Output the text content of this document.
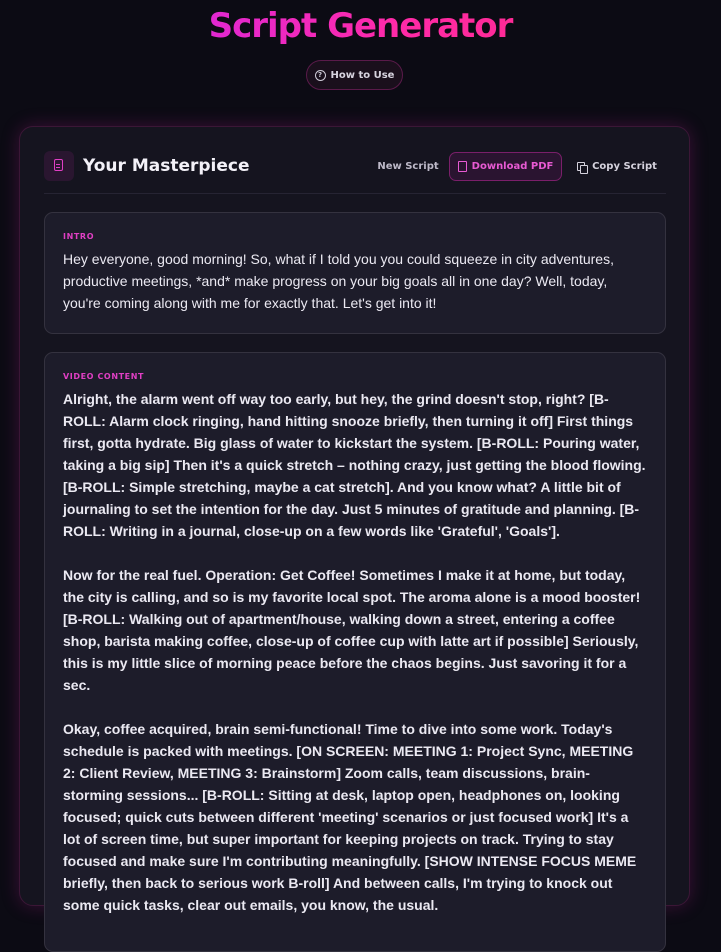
Script Generator
? How to Use
Your Masterpiece	New Script	Download PDF	Copy Script
INTRO
Hey everyone, good morning! So, what if I told you you could squeeze in city adventures, productive meetings, *and* make progress on your big goals all in one day? Well, today, you're coming along with me for exactly that. Let's get into it!
VIDEO CONTENT

Alright, the alarm went off way too early, but hey, the grind doesn't stop, right? [B-ROLL: Alarm clock ringing, hand hitting snooze briefly, then turning it off] First things first, gotta hydrate. Big glass of water to kickstart the system. [B-ROLL: Pouring water, taking a big sip] Then it's a quick stretch – nothing crazy, just getting the blood flowing. [B-ROLL: Simple stretching, maybe a cat stretch]. And you know what? A little bit of journaling to set the intention for the day. Just 5 minutes of gratitude and planning. [B-ROLL: Writing in a journal, close-up on a few words like 'Grateful', 'Goals'].

Now for the real fuel. Operation: Get Coffee! Sometimes I make it at home, but today, the city is calling, and so is my favorite local spot. The aroma alone is a mood booster! [B-ROLL: Walking out of apartment/house, walking down a street, entering a coffee shop, barista making coffee, close-up of coffee cup with latte art if possible] Seriously, this is my little slice of morning peace before the chaos begins. Just savoring it for a sec.

Okay, coffee acquired, brain semi-functional! Time to dive into some work. Today's schedule is packed with meetings. [ON SCREEN: MEETING 1: Project Sync, MEETING 2: Client Review, MEETING 3: Brainstorm] Zoom calls, team discussions, brain-storming sessions... [B-ROLL: Sitting at desk, laptop open, headphones on, looking focused; quick cuts between different 'meeting' scenarios or just focused work] It's a lot of screen time, but super important for keeping projects on track. Trying to stay focused and make sure I'm contributing meaningfully. [SHOW INTENSE FOCUS MEME briefly, then back to serious work B-roll] And between calls, I'm trying to knock out some quick tasks, clear out emails, you know, the usual.
